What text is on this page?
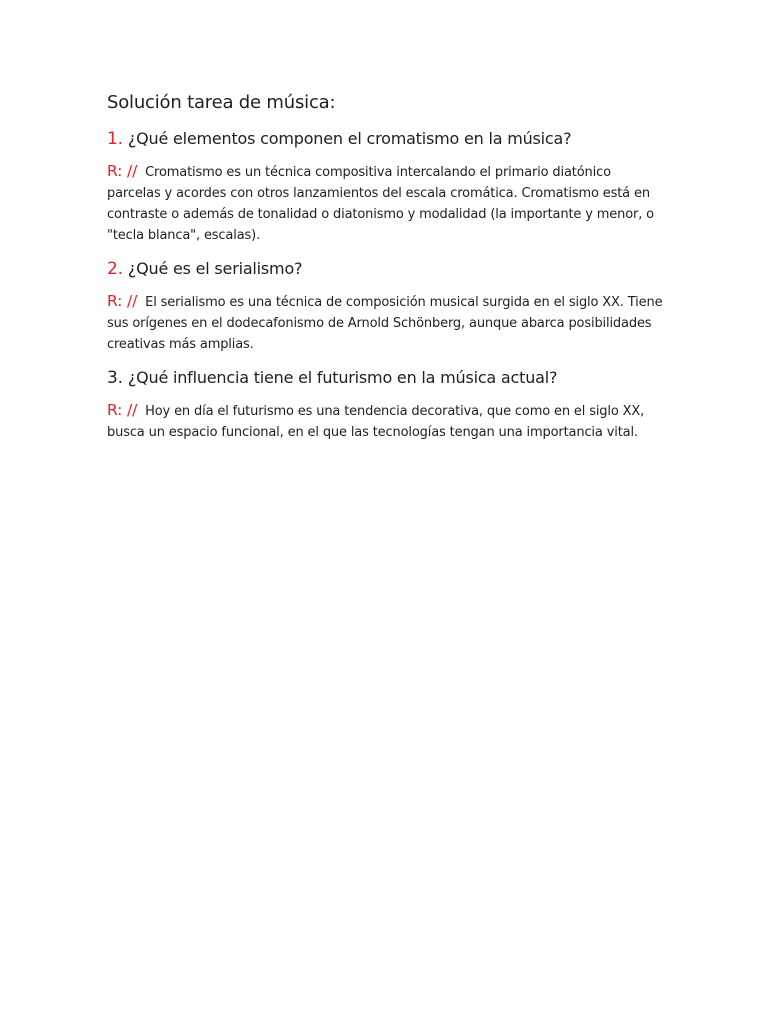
Solución tarea de música:

1. ¿Qué elementos componen el cromatismo en la música?

R: // Cromatismo es un técnica compositiva intercalando el primario diatónico parcelas y acordes con otros lanzamientos del escala cromática. Cromatismo está en contraste o además de tonalidad o diatonismo y modalidad (la importante y menor, o "tecla blanca", escalas).

2. ¿Qué es el serialismo?

R: // El serialismo es una técnica de composición musical surgida en el siglo XX. Tiene sus orígenes en el dodecafonismo de Arnold Schönberg, aunque abarca posibilidades creativas más amplias.

3. ¿Qué influencia tiene el futurismo en la música actual?

R: // Hoy en día el futurismo es una tendencia decorativa, que como en el siglo XX, busca un espacio funcional, en el que las tecnologías tengan una importancia vital.
